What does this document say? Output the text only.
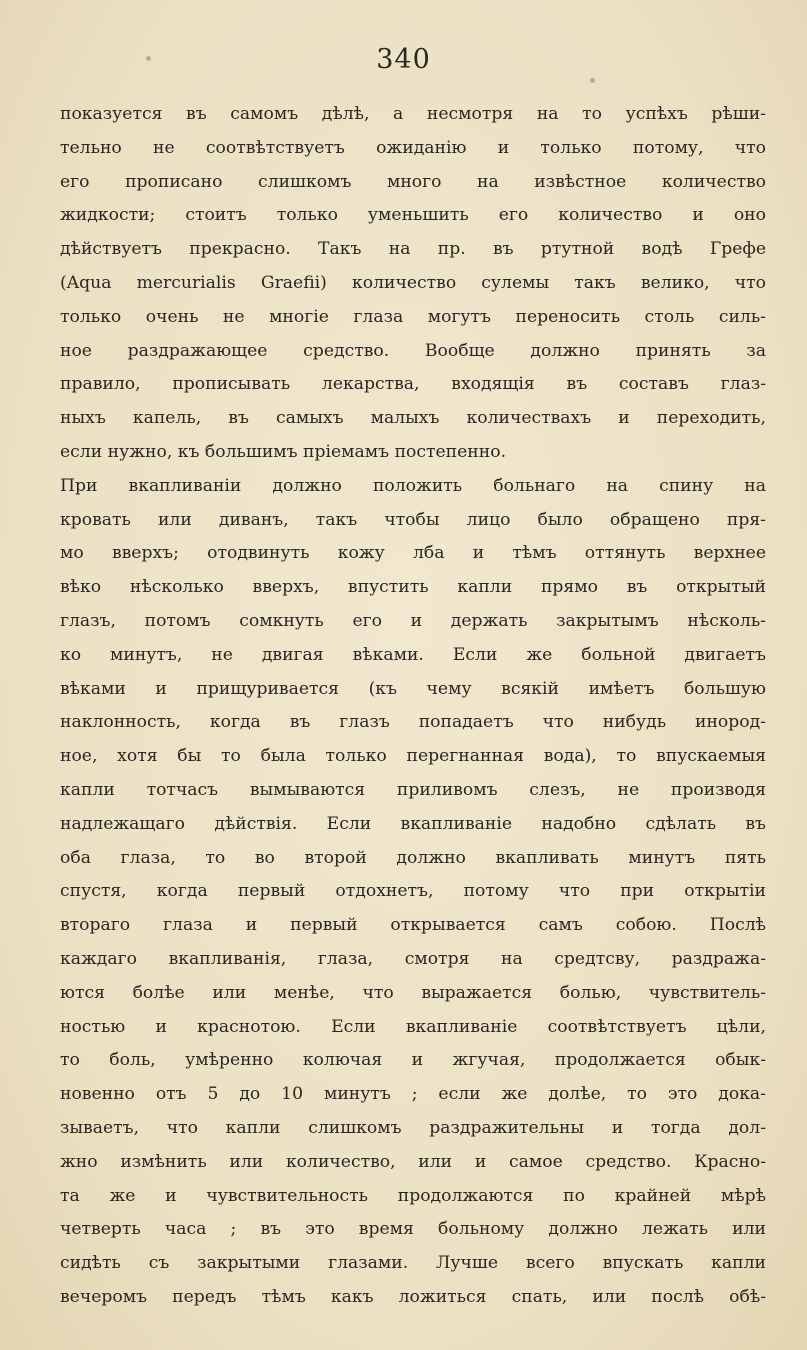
340
показуется въ самомъ дѣлѣ, а несмотря на то успѣхъ рѣши-
тельно не соотвѣтствуетъ ожиданію и только потому, что
его прописано слишкомъ много на извѣстное количество
жидкости; стоитъ только уменьшить его количество и оно
дѣйствуетъ прекрасно. Такъ на пр. въ ртутной водѣ Грефе
(Aqua mercurialis Graefii) количество сулемы такъ велико, что
только очень не многіе глаза могутъ переносить столь силь-
ное раздражающее средство. Вообще должно принять за
правило, прописывать лекарства, входящія въ составъ глаз-
ныхъ капель, въ самыхъ малыхъ количествахъ и переходить,
если нужно, къ большимъ пріемамъ постепенно.
При вкапливаніи должно положить больнаго на спину на
кровать или диванъ, такъ чтобы лицо было обращено пря-
мо вверхъ; отодвинуть кожу лба и тѣмъ оттянуть верхнее
вѣко нѣсколько вверхъ, впустить капли прямо въ открытый
глазъ, потомъ сомкнуть его и держать закрытымъ нѣсколь-
ко минутъ, не двигая вѣками. Если же больной двигаетъ
вѣками и прищуривается (къ чему всякій имѣетъ большую
наклонность, когда въ глазъ попадаетъ что нибудь инород-
ное, хотя бы то была только перегнанная вода), то впускаемыя
капли тотчасъ вымываются приливомъ слезъ, не производя
надлежащаго дѣйствія. Если вкапливаніе надобно сдѣлать въ
оба глаза, то во второй должно вкапливать минутъ пять
спустя, когда первый отдохнетъ, потому что при открытіи
втораго глаза и первый открывается самъ собою. Послѣ
каждаго вкапливанія, глаза, смотря на средтсву, раздража-
ются болѣе или менѣе, что выражается болью, чувствитель-
ностью и краснотою. Если вкапливаніе соотвѣтствуетъ цѣли,
то боль, умѣренно колючая и жгучая, продолжается обык-
новенно отъ 5 до 10 минутъ ; если же долѣе, то это дока-
зываетъ, что капли слишкомъ раздражительны и тогда дол-
жно измѣнить или количество, или и самое средство. Красно-
та же и чувствительность продолжаются по крайней мѣрѣ
четверть часа ; въ это время больному должно лежать или
сидѣть съ закрытыми глазами. Лучше всего впускать капли
вечеромъ передъ тѣмъ какъ ложиться спать, или послѣ обѣ-
